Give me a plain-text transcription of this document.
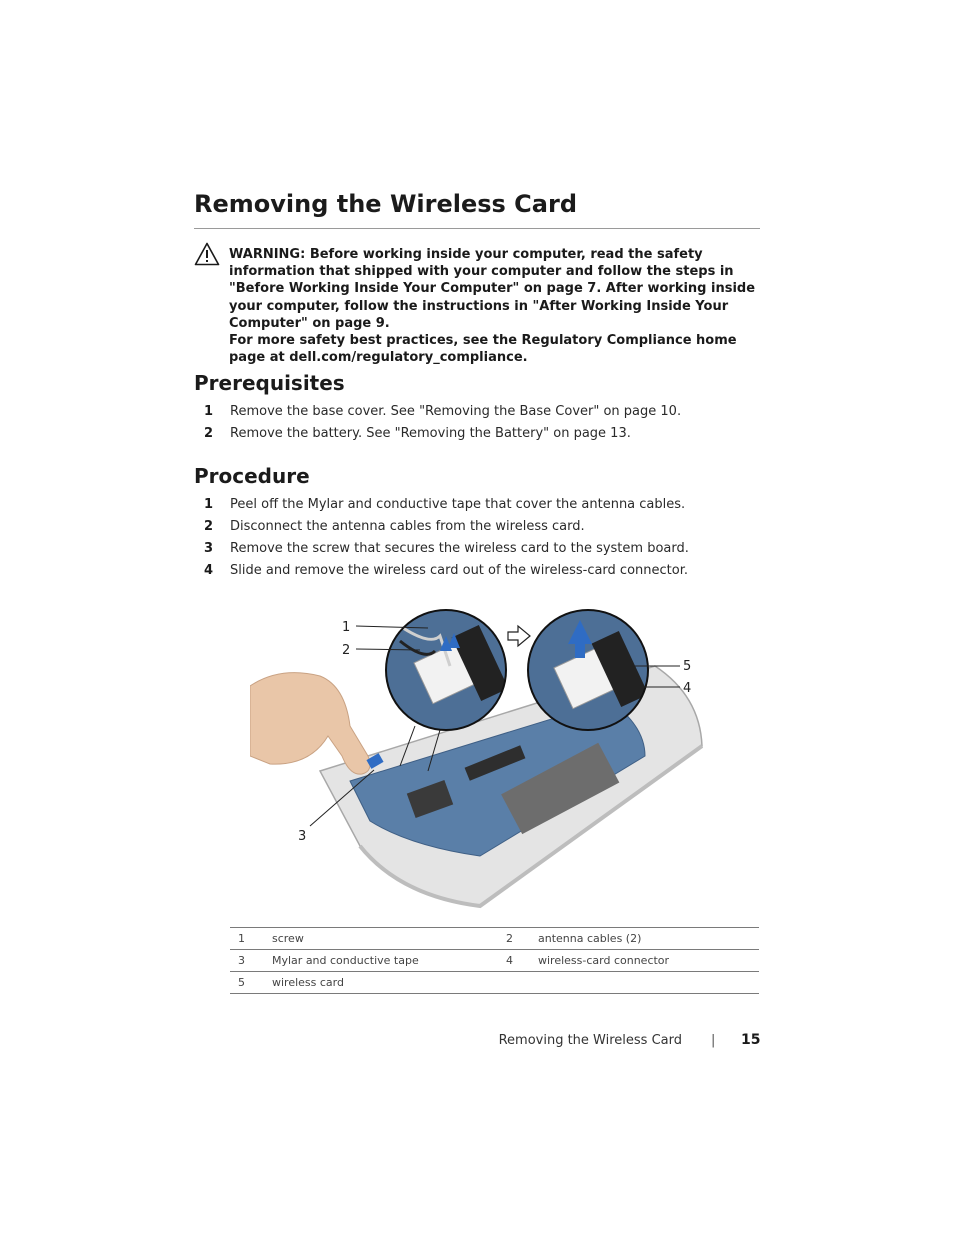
Removing the Wireless Card

WARNING: Before working inside your computer, read the safety information that shipped with your computer and follow the steps in "Before Working Inside Your Computer" on page 7. After working inside your computer, follow the instructions in "After Working Inside Your Computer" on page 9.

For more safety best practices, see the Regulatory Compliance home page at dell.com/regulatory_compliance.

Prerequisites
1	Remove the base cover. See "Removing the Base Cover" on page 10.
2	Remove the battery. See "Removing the Battery" on page 13.
Procedure
1	Peel off the Mylar and conductive tape that cover the antenna cables.
2	Disconnect the antenna cables from the wireless card.
3	Remove the screw that secures the wireless card to the system board.
4	Slide and remove the wireless card out of the wireless-card connector.
1
2
3
4
5
1	screw	2	antenna cables (2)
3	Mylar and conductive tape	4	wireless-card connector
5	wireless card		
Removing the Wireless Card | 15
